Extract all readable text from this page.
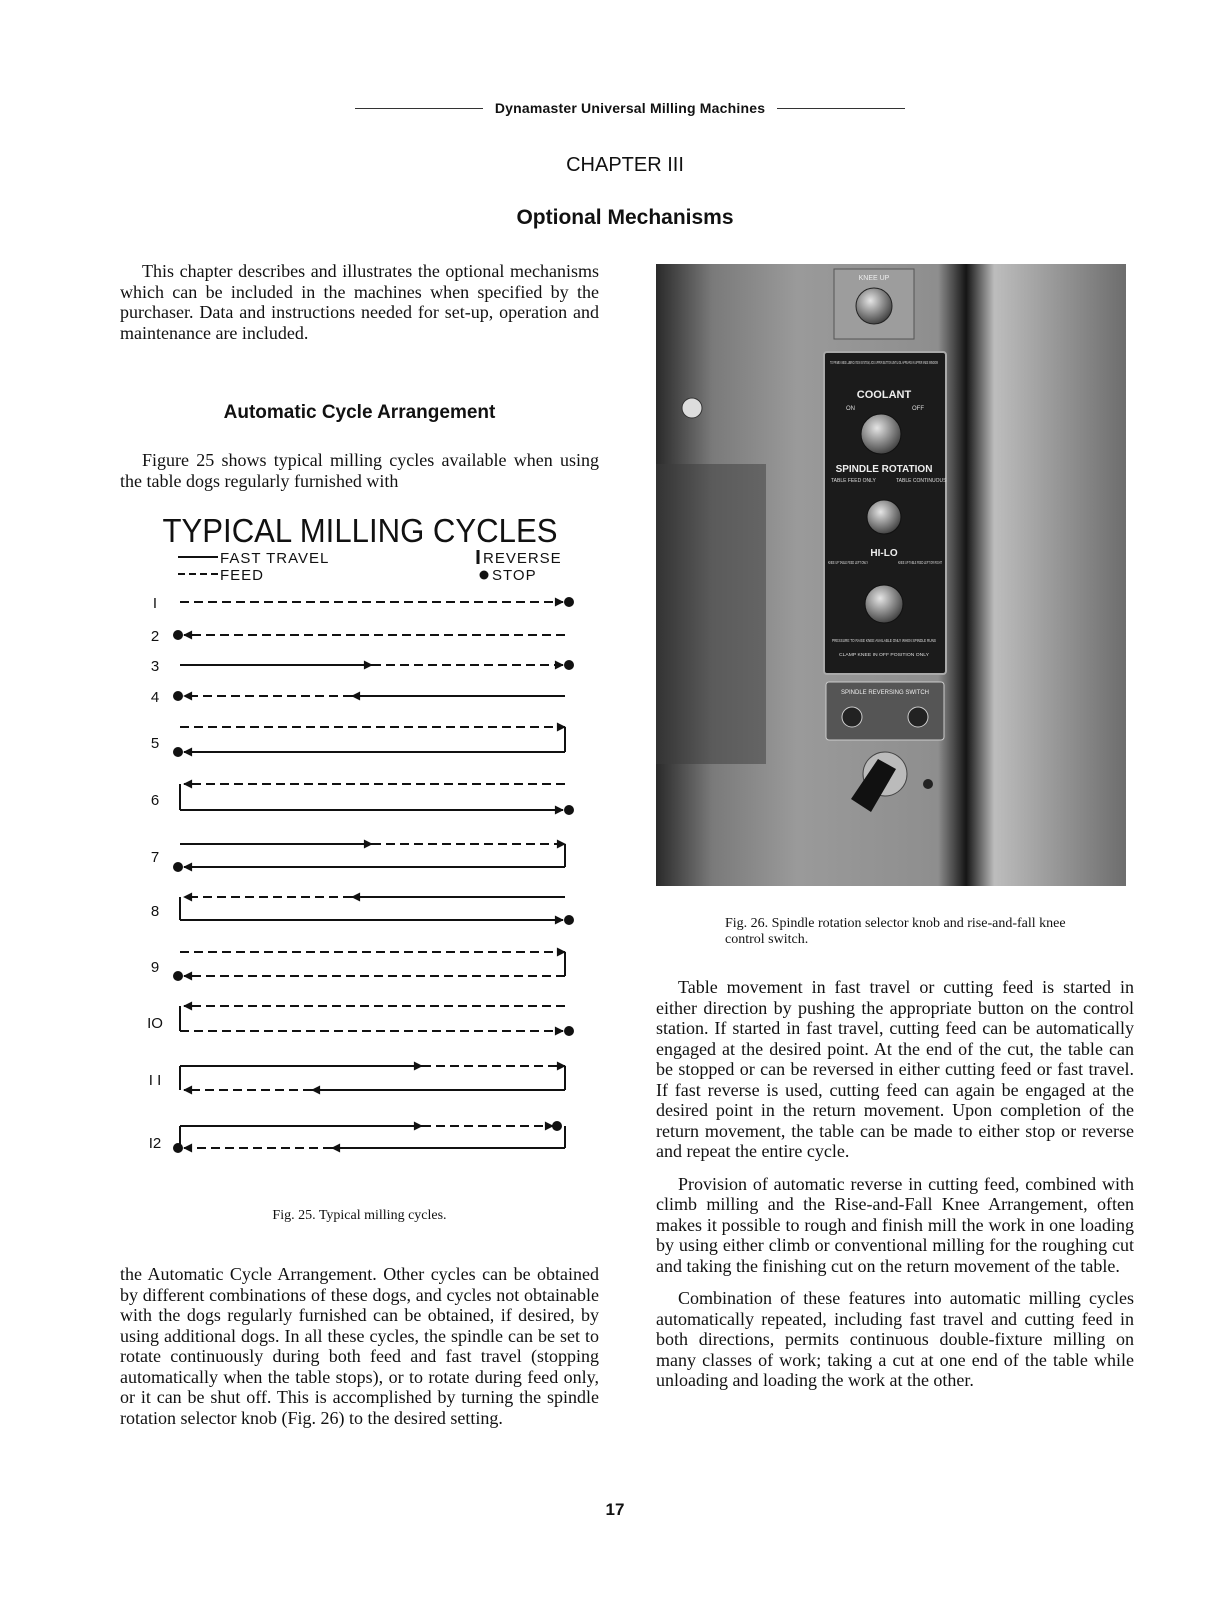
Dynamaster Universal Milling Machines
CHAPTER III
Optional Mechanisms

This chapter describes and illustrates the optional mechanisms which can be included in the machines when specified by the purchaser. Data and instructions needed for set-up, operation and maintenance are included.

Automatic Cycle Arrangement

Figure 25 shows typical milling cycles available when using the table dogs regularly furnished with

TYPICAL MILLING CYCLES
FAST TRAVEL
FEED
REVERSE
STOP
I
2
3
4
5
6
7
8
9
IO
I I
I2
Fig. 25. Typical milling cycles.

the Automatic Cycle Arrangement. Other cycles can be obtained by different combinations of these dogs, and cycles not obtainable with the dogs regularly furnished can be obtained, if desired, by using additional dogs. In all these cycles, the spindle can be set to rotate continuously during both feed and fast travel (stopping automatically when the table stops), or to rotate during feed only, or it can be shut off. This is accomplished by turning the spindle rotation selector knob (Fig. 26) to the desired setting.

KNEE UP
TO PRIME KNEE LUBRICATION SYSTEM, JOG UPPER BUTTON UNTIL OIL APPEARS IN UPPER KNEE WINDOW
COOLANT
ON	OFF
SPINDLE ROTATION
TABLE FEED ONLY	TABLE CONTINUOUS
HI-LO
KNEE UP TABLE FEED LEFT ONLY	KNEE UP TABLE FEED LEFT OR RIGHT
PRESSURE TO RAISE KNEE AVAILABLE ONLY WHEN SPINDLE RUNS
CLAMP KNEE IN OFF POSITION ONLY
SPINDLE REVERSING SWITCH
Fig. 26. Spindle rotation selector knob and rise-and-fall knee control switch.

Table movement in fast travel or cutting feed is started in either direction by pushing the appropriate button on the control station. If started in fast travel, cutting feed can be automatically engaged at the desired point. At the end of the cut, the table can be stopped or can be reversed in either cutting feed or fast travel. If fast reverse is used, cutting feed can again be engaged at the desired point in the return movement. Upon completion of the return movement, the table can be made to either stop or reverse and repeat the entire cycle.

Provision of automatic reverse in cutting feed, combined with climb milling and the Rise-and-Fall Knee Arrangement, often makes it possible to rough and finish mill the work in one loading by using either climb or conventional milling for the roughing cut and taking the finishing cut on the return movement of the table.

Combination of these features into automatic milling cycles automatically repeated, including fast travel and cutting feed in both directions, permits continuous double-fixture milling on many classes of work; taking a cut at one end of the table while unloading and loading the work at the other.

17
